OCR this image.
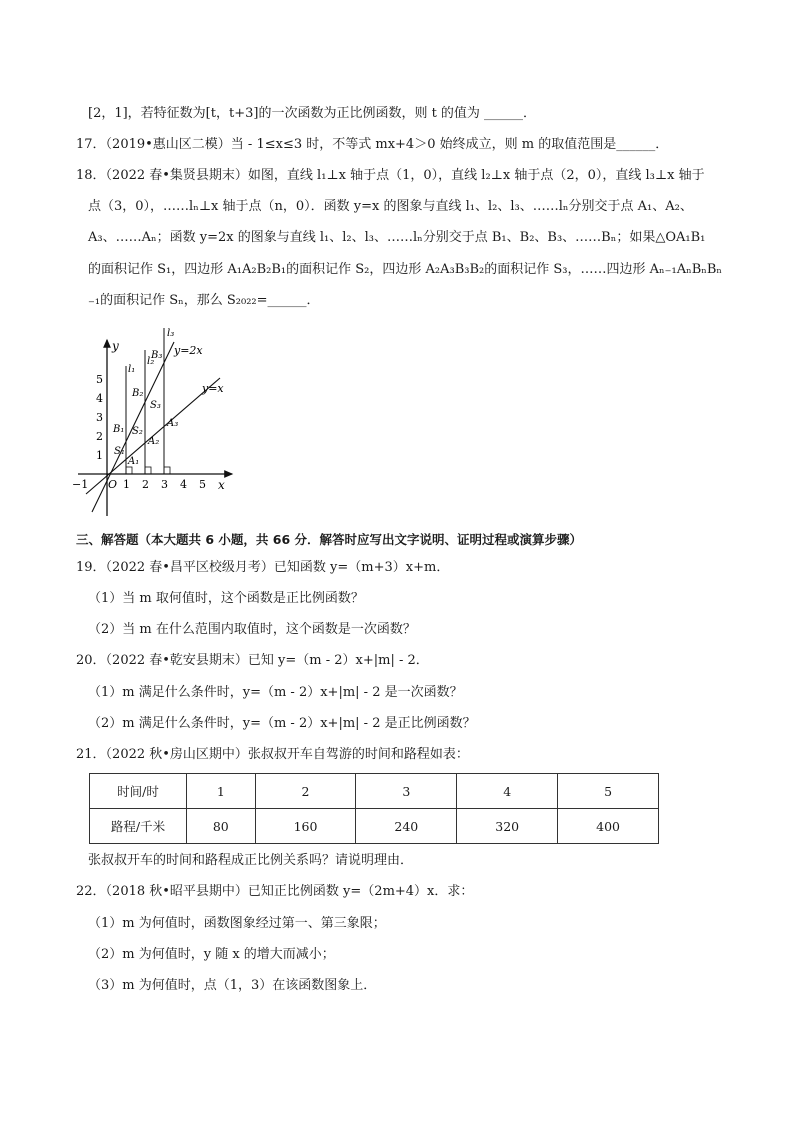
[2，1]，若特征数为[t，t+3]的一次函数为正比例函数，则 t 的值为 ______．
17．（2019•惠山区二模）当 - 1≤x≤3 时，不等式 mx+4＞0 始终成立，则 m 的取值范围是______．
18．（2022 春•集贤县期末）如图，直线 l₁⊥x 轴于点（1，0），直线 l₂⊥x 轴于点（2，0），直线 l₃⊥x 轴于
点（3，0），……lₙ⊥x 轴于点（n，0）．函数 y=x 的图象与直线 l₁、l₂、l₃、……lₙ分别交于点 A₁、A₂、
A₃、……Aₙ；函数 y=2x 的图象与直线 l₁、l₂、l₃、……lₙ分别交于点 B₁、B₂、B₃、……Bₙ；如果△OA₁B₁
的面积记作 S₁，四边形 A₁A₂B₂B₁的面积记作 S₂，四边形 A₂A₃B₃B₂的面积记作 S₃，……四边形 Aₙ₋₁AₙBₙBₙ
₋₁的面积记作 Sₙ，那么 S₂₀₂₂=______．
−1 O 1 2 3 4 5 x
1
2
3
4
5
y
l₁
l₂
l₃
y=2x
y=x
A₁
A₂
A₃
B₁
B₂
B₃
S₁
S₂
S₃
三、解答题（本大题共 6 小题，共 66 分．解答时应写出文字说明、证明过程或演算步骤）
19．（2022 春•昌平区校级月考）已知函数 y=（m+3）x+m．
（1）当 m 取何值时，这个函数是正比例函数？
（2）当 m 在什么范围内取值时，这个函数是一次函数？
20．（2022 春•乾安县期末）已知 y=（m - 2）x+|m| - 2．
（1）m 满足什么条件时，y=（m - 2）x+|m| - 2 是一次函数？
（2）m 满足什么条件时，y=（m - 2）x+|m| - 2 是正比例函数？
21．（2022 秋•房山区期中）张叔叔开车自驾游的时间和路程如表：
时间/时	1	2	3	4	5
路程/千米	80	160	240	320	400
张叔叔开车的时间和路程成正比例关系吗？请说明理由．
22．（2018 秋•昭平县期中）已知正比例函数 y=（2m+4）x．求：
（1）m 为何值时，函数图象经过第一、第三象限；
（2）m 为何值时，y 随 x 的增大而减小；
（3）m 为何值时，点（1，3）在该函数图象上．
